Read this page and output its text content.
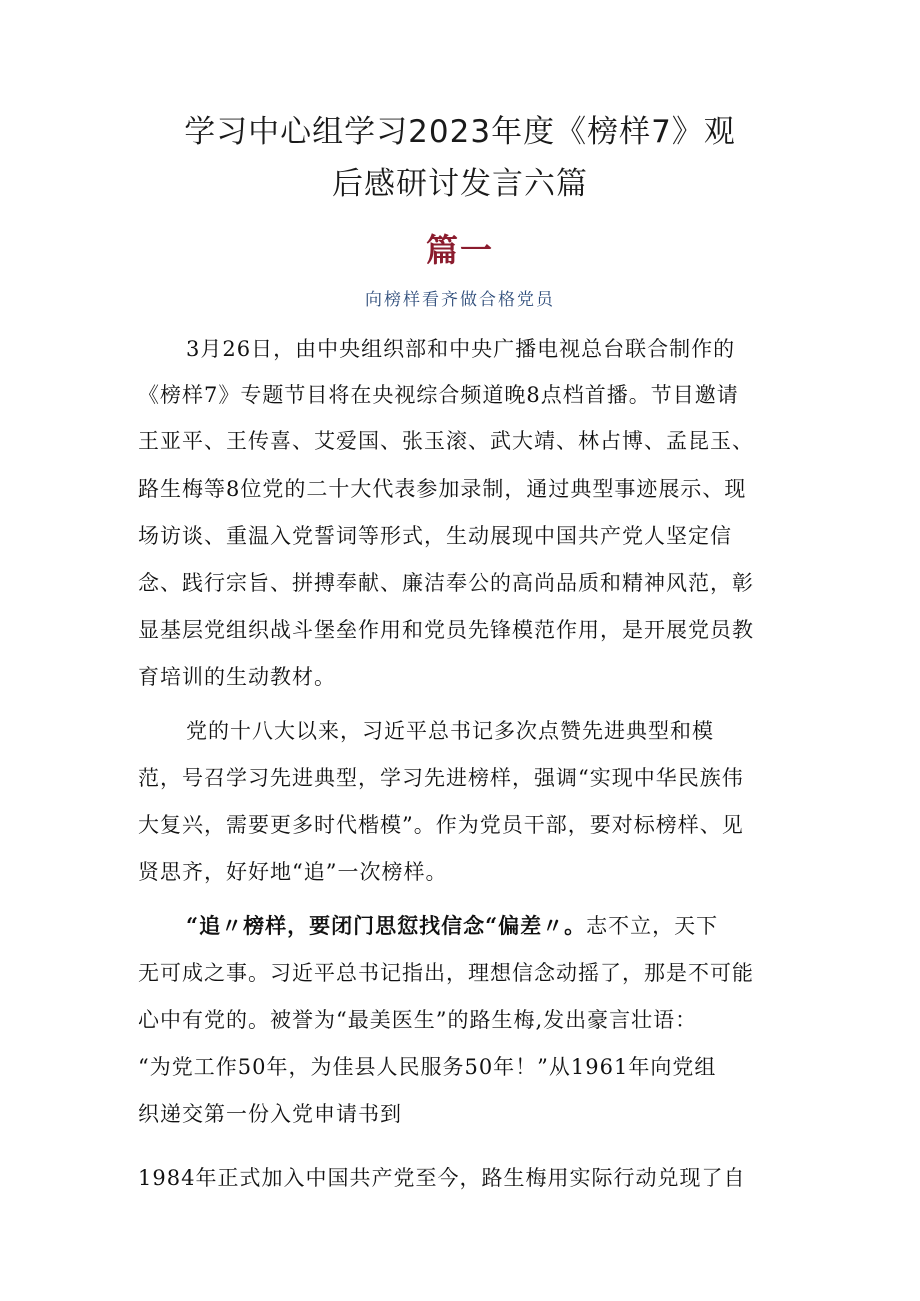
学习中心组学习2023年度《榜样7》观
后感研讨发言六篇
篇一
向榜样看齐做合格党员
3月26日，由中央组织部和中央广播电视总台联合制作的
《榜样7》专题节目将在央视综合频道晚8点档首播。节目邀请
王亚平、王传喜、艾爱国、张玉滚、武大靖、林占博、孟昆玉、
路生梅等8位党的二十大代表参加录制，通过典型事迹展示、现
场访谈、重温入党誓词等形式，生动展现中国共产党人坚定信
念、践行宗旨、拼搏奉献、廉洁奉公的高尚品质和精神风范，彰
显基层党组织战斗堡垒作用和党员先锋模范作用，是开展党员教
育培训的生动教材。
党的十八大以来，习近平总书记多次点赞先进典型和模
范，号召学习先进典型，学习先进榜样，强调“实现中华民族伟
大复兴，需要更多时代楷模”。作为党员干部，要对标榜样、见
贤思齐，好好地“追”一次榜样。
“追〃榜样，要闭门思愆找信念“偏差〃。志不立，天下
无可成之事。习近平总书记指出，理想信念动摇了，那是不可能
心中有党的。被誉为“最美医生”的路生梅,发出豪言壮语：
“为党工作50年，为佳县人民服务50年！”从1961年向党组
织递交第一份入党申请书到
1984年正式加入中国共产党至今，路生梅用实际行动兑现了自
